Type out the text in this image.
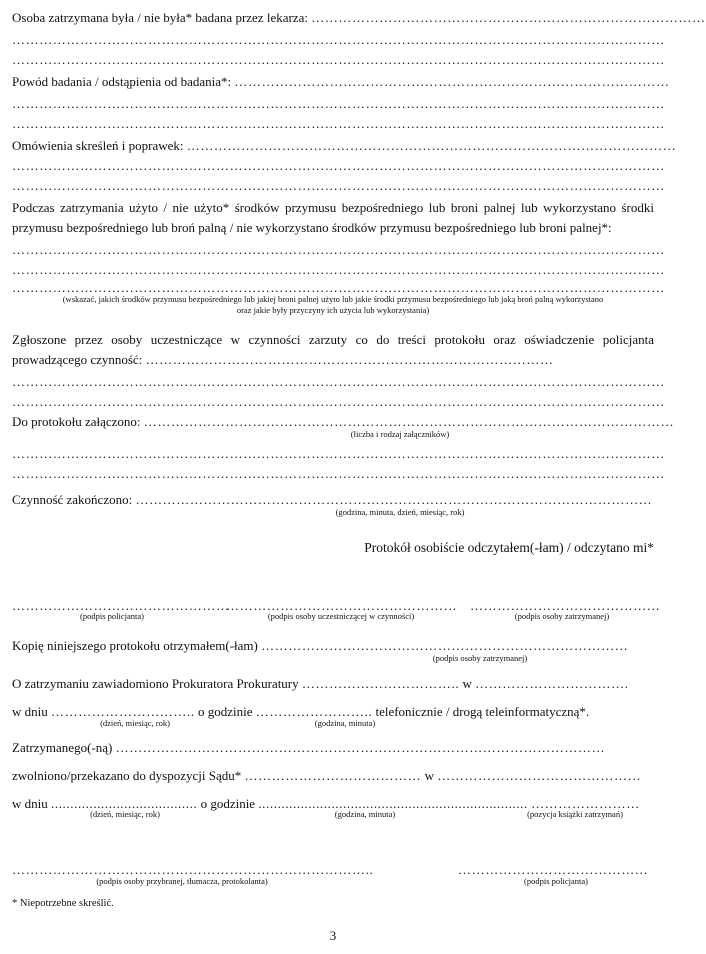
Osoba zatrzymana była / nie była* badana przez lekarza: ……………………………………………………………………………
………………………………………………………………………………………………………………………………
………………………………………………………………………………………………………………………………
Powód badania / odstąpienia od badania*: ……………………………………………………………………………………
………………………………………………………………………………………………………………………………
………………………………………………………………………………………………………………………………
Omówienia skreśleń i poprawek: ………………………………………………………………………………………………
………………………………………………………………………………………………………………………………
………………………………………………………………………………………………………………………………
Podczas zatrzymania użyto / nie użyto* środków przymusu bezpośredniego lub broni palnej lub wykorzystano środki przymusu bezpośredniego lub broń palną / nie wykorzystano środków przymusu bezpośredniego lub broni palnej*:
………………………………………………………………………………………………………………………………
………………………………………………………………………………………………………………………………
………………………………………………………………………………………………………………………………
(wskazać, jakich środków przymusu bezpośredniego lub jakiej broni palnej użyto lub jakie środki przymusu bezpośredniego lub jaką broń palną wykorzystano
oraz jakie były przyczyny ich użycia lub wykorzystania)
Zgłoszone przez osoby uczestniczące w czynności zarzuty co do treści protokołu oraz oświadczenie policjanta prowadzącego czynność: ………………………………………………………………………………
………………………………………………………………………………………………………………………………
………………………………………………………………………………………………………………………………
Do protokołu załączono: ………………………………………………………………………………………………………
(liczba i rodzaj załączników)
………………………………………………………………………………………………………………………………
………………………………………………………………………………………………………………………………
Czynność zakończono: ……………………………………………………………………………………………………
(godzina, minuta, dzień, miesiąc, rok)
Protokół osobiście odczytałem(-łam) / odczytano mi*
…………………………………………
…………………………………………… ……………………………………
(podpis policjanta)	(podpis osoby uczestniczącej w czynności)	(podpis osoby zatrzymanej)
Kopię niniejszego protokołu otrzymałem(-łam) ………………………………………………………………………
(podpis osoby zatrzymanej)
O zatrzymaniu zawiadomiono Prokuratora Prokuratury …………………………….. w …………………………….
w dniu ………………………….. o godzinie …………………….. telefonicznie / drogą teleinformatyczną*.
(dzień, miesiąc, rok)	(godzina, minuta)
Zatrzymanego(-ną) ………………………………………………………………………………………………
zwolniono/przekazano do dyspozycji Sądu* ………………………………… w ………………………………………
w dniu ...................................... o godzinie ...................................................................... ……………………
(dzień, miesiąc, rok)	(godzina, minuta)	(pozycja książki zatrzymań)
……………………………………………………………………..	……………………………………
(podpis osoby przybranej, tłumacza, protokolanta)	(podpis policjanta)
* Niepotrzebne skreślić.
3
